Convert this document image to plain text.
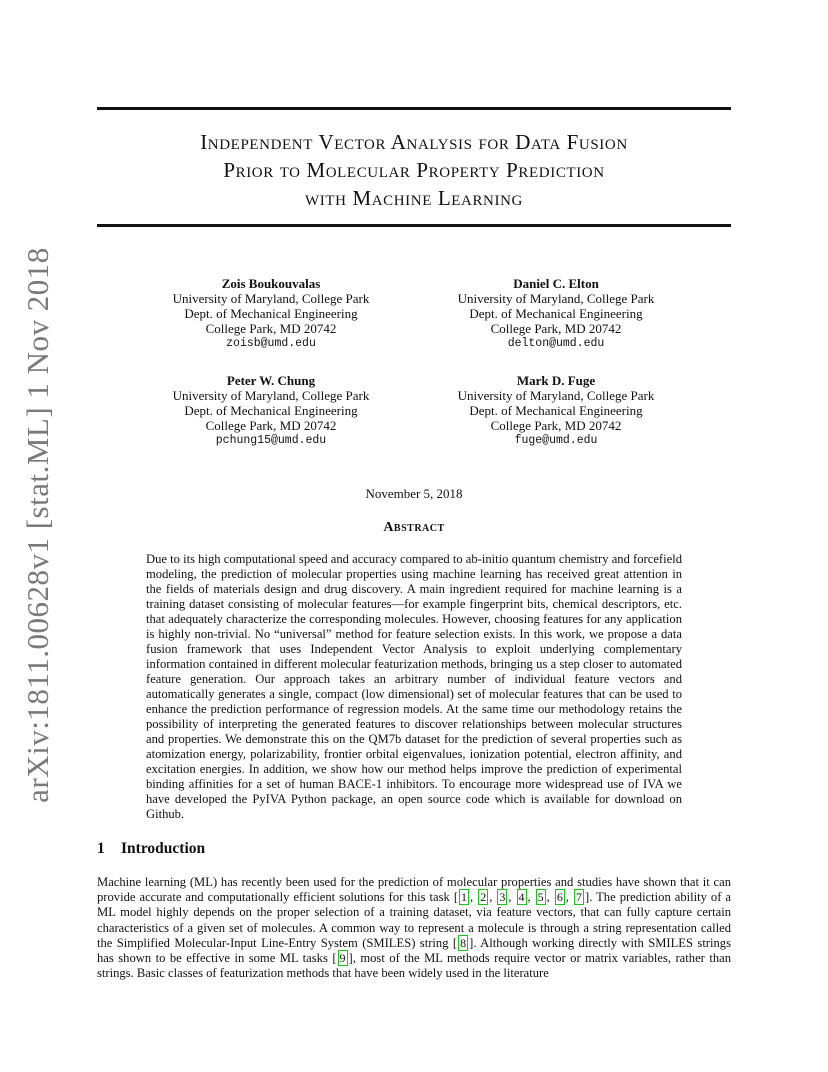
arXiv:1811.00628v1 [stat.ML] 1 Nov 2018
Independent Vector Analysis for Data Fusion
Prior to Molecular Property Prediction
with Machine Learning
Zois Boukouvalas
University of Maryland, College Park
Dept. of Mechanical Engineering
College Park, MD 20742
zoisb@umd.edu
Daniel C. Elton
University of Maryland, College Park
Dept. of Mechanical Engineering
College Park, MD 20742
delton@umd.edu
Peter W. Chung
University of Maryland, College Park
Dept. of Mechanical Engineering
College Park, MD 20742
pchung15@umd.edu
Mark D. Fuge
University of Maryland, College Park
Dept. of Mechanical Engineering
College Park, MD 20742
fuge@umd.edu
November 5, 2018
Abstract

Due to its high computational speed and accuracy compared to ab-initio quantum chemistry and forcefield modeling, the prediction of molecular properties using machine learning has received great attention in the fields of materials design and drug discovery. A main ingredient required for machine learning is a training dataset consisting of molecular features—for example fingerprint bits, chemical descriptors, etc. that adequately characterize the corresponding molecules. However, choosing features for any application is highly non-trivial. No “universal” method for feature selection exists. In this work, we propose a data fusion framework that uses Independent Vector Analysis to exploit underlying complementary information contained in different molecular featurization methods, bringing us a step closer to automated feature generation. Our approach takes an arbitrary number of individual feature vectors and automatically generates a single, compact (low dimensional) set of molecular features that can be used to enhance the prediction performance of regression models. At the same time our methodology retains the possibility of interpreting the generated features to discover relationships between molecular structures and properties. We demonstrate this on the QM7b dataset for the prediction of several properties such as atomization energy, polarizability, frontier orbital eigenvalues, ionization potential, electron affinity, and excitation energies. In addition, we show how our method helps improve the prediction of experimental binding affinities for a set of human BACE-1 inhibitors. To encourage more widespread use of IVA we have developed the PyIVA Python package, an open source code which is available for download on Github.

1 Introduction

Machine learning (ML) has recently been used for the prediction of molecular properties and studies have shown that it can provide accurate and computationally efficient solutions for this task [ 1 , 2 , 3 , 4 , 5 , 6 , 7 ]. The prediction ability of a ML model highly depends on the proper selection of a training dataset, via feature vectors, that can fully capture certain characteristics of a given set of molecules. A common way to represent a molecule is through a string representation called the Simplified Molecular-Input Line-Entry System (SMILES) string [ 8 ]. Although working directly with SMILES strings has shown to be effective in some ML tasks [ 9 ], most of the ML methods require vector or matrix variables, rather than strings. Basic classes of featurization methods that have been widely used in the literature
